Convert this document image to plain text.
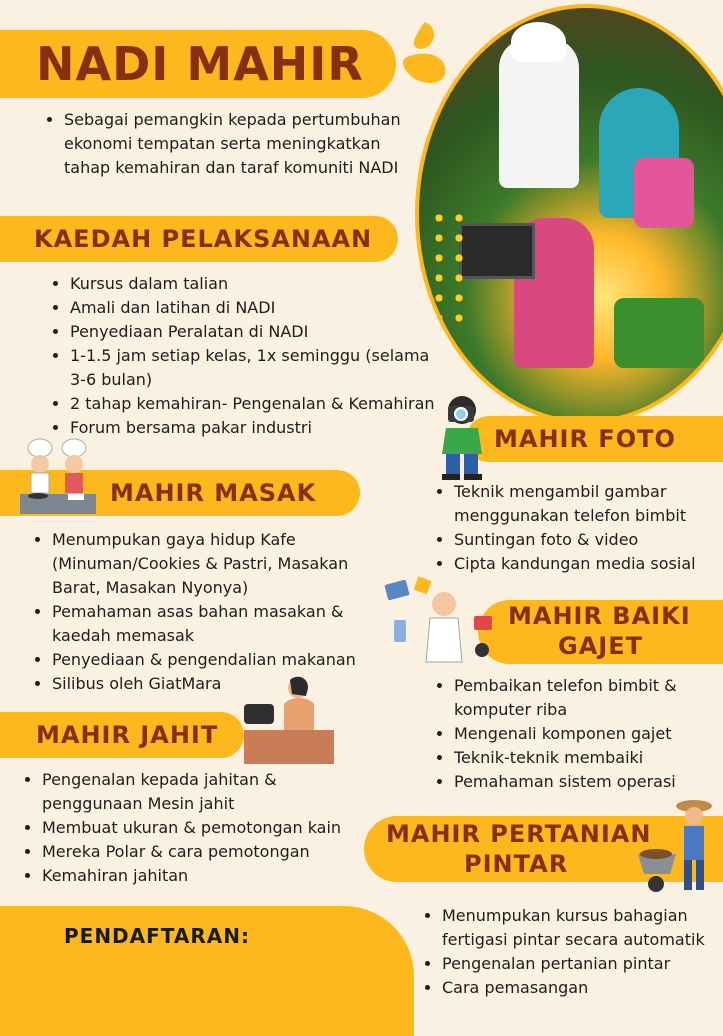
NADI MAHIR
• Sebagai pemangkin kepada pertumbuhan ekonomi tempatan serta meningkatkan tahap kemahiran dan taraf komuniti NADI
KAEDAH PELAKSANAAN
• Kursus dalam talian
• Amali dan latihan di NADI
• Penyediaan Peralatan di NADI
• 1-1.5 jam setiap kelas, 1x seminggu (selama 3-6 bulan)
• 2 tahap kemahiran- Pengenalan & Kemahiran
• Forum bersama pakar industri
MAHIR MASAK
• Menumpukan gaya hidup Kafe (Minuman/Cookies & Pastri, Masakan Barat, Masakan Nyonya)
• Pemahaman asas bahan masakan & kaedah memasak
• Penyediaan & pengendalian makanan
• Silibus oleh GiatMara
MAHIR JAHIT
• Pengenalan kepada jahitan & penggunaan Mesin jahit
• Membuat ukuran & pemotongan kain
• Mereka Polar & cara pemotongan
• Kemahiran jahitan
PENDAFTARAN:
MAHIR FOTO
• Teknik mengambil gambar menggunakan telefon bimbit
• Suntingan foto & video
• Cipta kandungan media sosial
MAHIR BAIKI
GAJET
• Pembaikan telefon bimbit & komputer riba
• Mengenali komponen gajet
• Teknik-teknik membaiki
• Pemahaman sistem operasi
MAHIR PERTANIAN
PINTAR
• Menumpukan kursus bahagian fertigasi pintar secara automatik
• Pengenalan pertanian pintar
• Cara pemasangan
